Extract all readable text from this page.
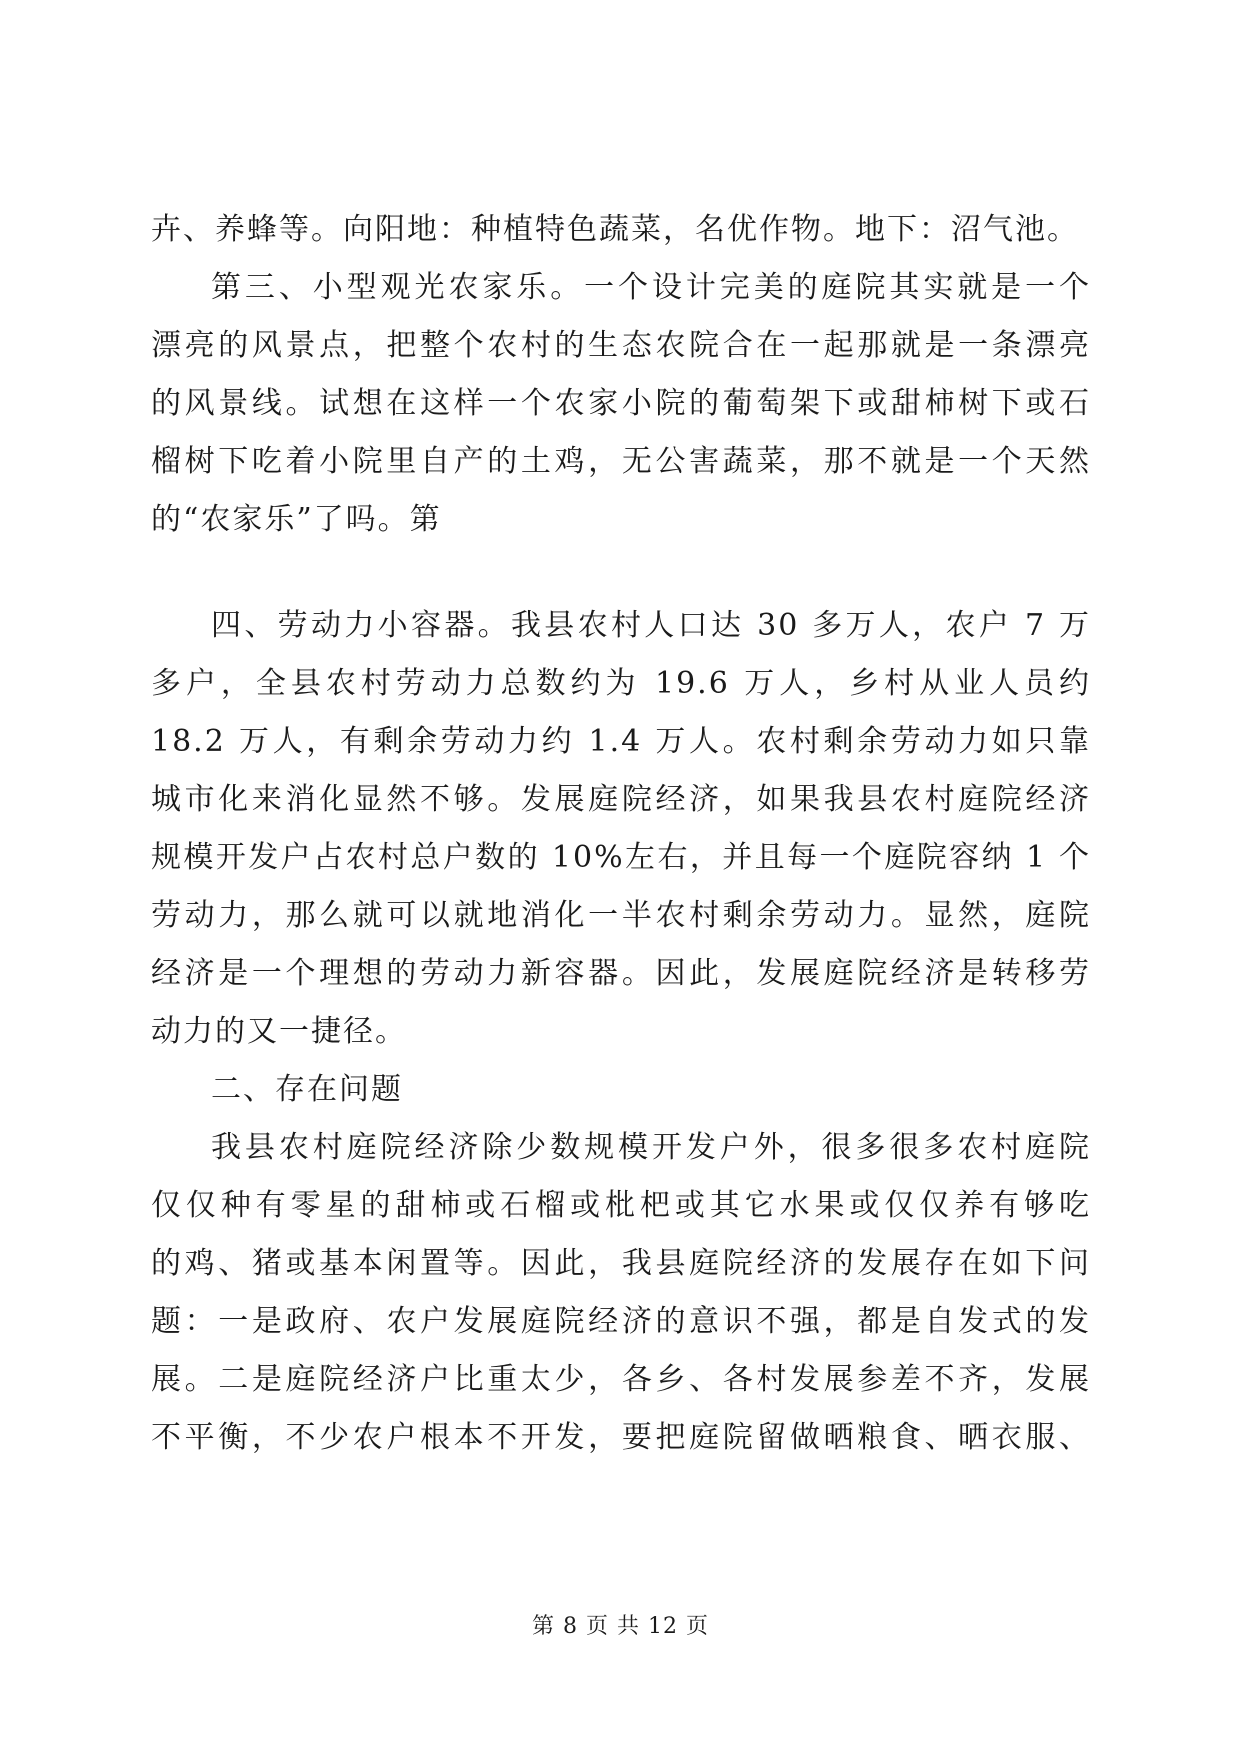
卉、养蜂等。向阳地：种植特色蔬菜，名优作物。地下：沼气池。
第三、小型观光农家乐。一个设计完美的庭院其实就是一个
漂亮的风景点，把整个农村的生态农院合在一起那就是一条漂亮
的风景线。试想在这样一个农家小院的葡萄架下或甜柿树下或石
榴树下吃着小院里自产的土鸡，无公害蔬菜，那不就是一个天然
的“农家乐”了吗。第
四、劳动力小容器。我县农村人口达 30 多万人，农户 7 万
多户，全县农村劳动力总数约为 19.6 万人，乡村从业人员约
18.2 万人，有剩余劳动力约 1.4 万人。农村剩余劳动力如只靠
城市化来消化显然不够。发展庭院经济，如果我县农村庭院经济
规模开发户占农村总户数的 10%左右，并且每一个庭院容纳 1 个
劳动力，那么就可以就地消化一半农村剩余劳动力。显然，庭院
经济是一个理想的劳动力新容器。因此，发展庭院经济是转移劳
动力的又一捷径。
二、存在问题
我县农村庭院经济除少数规模开发户外，很多很多农村庭院
仅仅种有零星的甜柿或石榴或枇杷或其它水果或仅仅养有够吃
的鸡、猪或基本闲置等。因此，我县庭院经济的发展存在如下问
题：一是政府、农户发展庭院经济的意识不强，都是自发式的发
展。二是庭院经济户比重太少，各乡、各村发展参差不齐，发展
不平衡，不少农户根本不开发，要把庭院留做晒粮食、晒衣服、
第 8 页 共 12 页
